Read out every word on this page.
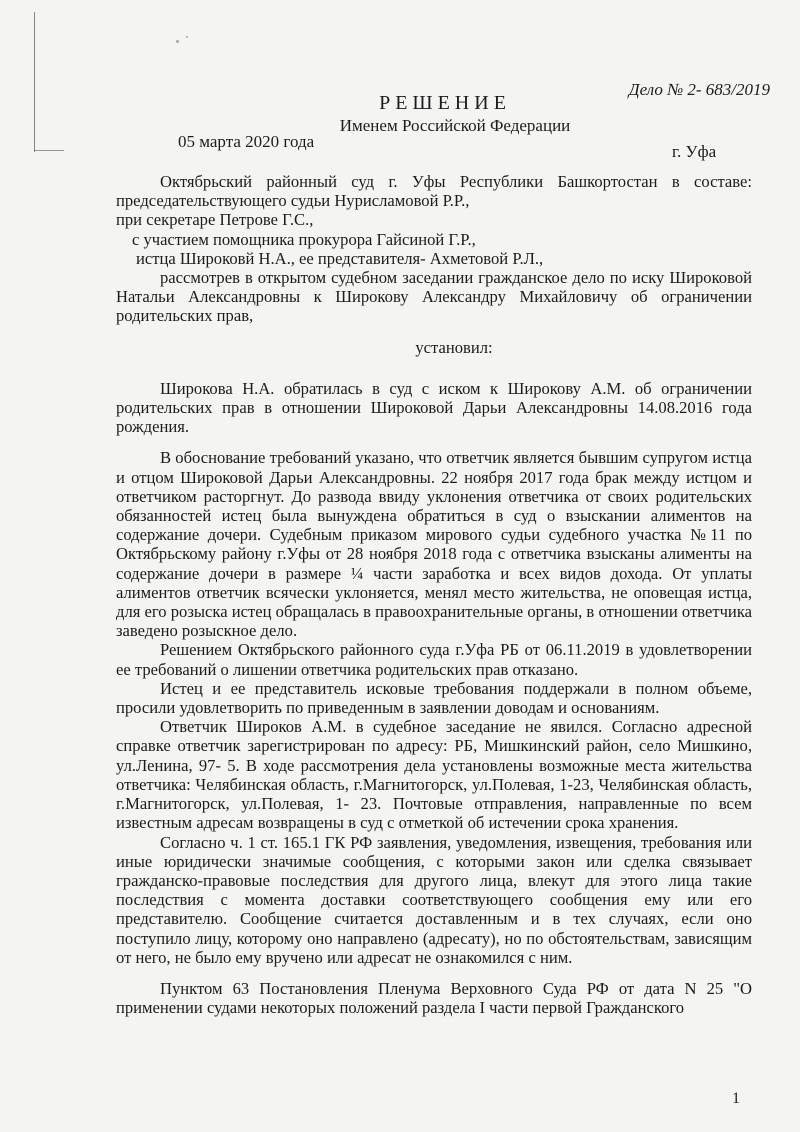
Дело № 2- 683/2019
РЕШЕНИЕ
Именем Российской Федерации
05 марта 2020 года
г. Уфа

Октябрьский районный суд г. Уфы Республики Башкортостан в составе: председательствующего судьи Нурисламовой Р.Р.,

при секретаре Петрове Г.С.,

с участием помощника прокурора Гайсиной Г.Р.,

истца Широковй Н.А., ее представителя- Ахметовой Р.Л.,

рассмотрев в открытом судебном заседании гражданское дело по иску Широковой Натальи Александровны к Широкову Александру Михайловичу об ограничении родительских прав,

установил:

Широкова Н.А. обратилась в суд с иском к Широкову А.М. об ограничении родительских прав в отношении Широковой Дарьи Александровны 14.08.2016 года рождения.

В обоснование требований указано, что ответчик является бывшим супругом истца и отцом Широковой Дарьи Александровны. 22 ноября 2017 года брак между истцом и ответчиком расторгнут. До развода ввиду уклонения ответчика от своих родительских обязанностей истец была вынуждена обратиться в суд о взыскании алиментов на содержание дочери. Судебным приказом мирового судьи судебного участка №11 по Октябрьскому району г.Уфы от 28 ноября 2018 года с ответчика взысканы алименты на содержание дочери в размере ¼ части заработка и всех видов дохода. От уплаты алиментов ответчик всячески уклоняется, менял место жительства, не оповещая истца, для его розыска истец обращалась в правоохранительные органы, в отношении ответчика заведено розыскное дело.

Решением Октябрьского районного суда г.Уфа РБ от 06.11.2019 в удовлетворении ее требований о лишении ответчика родительских прав отказано.

Истец и ее представитель исковые требования поддержали в полном объеме, просили удовлетворить по приведенным в заявлении доводам и основаниям.

Ответчик Широков А.М. в судебное заседание не явился. Согласно адресной справке ответчик зарегистрирован по адресу: РБ, Мишкинский район, село Мишкино, ул.Ленина, 97- 5. В ходе рассмотрения дела установлены возможные места жительства ответчика: Челябинская область, г.Магнитогорск, ул.Полевая, 1-23, Челябинская область, г.Магнитогорск, ул.Полевая, 1- 23. Почтовые отправления, направленные по всем известным адресам возвращены в суд с отметкой об истечении срока хранения.

Согласно ч. 1 ст. 165.1 ГК РФ заявления, уведомления, извещения, требования или иные юридически значимые сообщения, с которыми закон или сделка связывает гражданско-правовые последствия для другого лица, влекут для этого лица такие последствия с момента доставки соответствующего сообщения ему или его представителю. Сообщение считается доставленным и в тех случаях, если оно поступило лицу, которому оно направлено (адресату), но по обстоятельствам, зависящим от него, не было ему вручено или адресат не ознакомился с ним.

Пунктом 63 Постановления Пленума Верховного Суда РФ от дата N 25 "О применении судами некоторых положений раздела I части первой Гражданского

1
